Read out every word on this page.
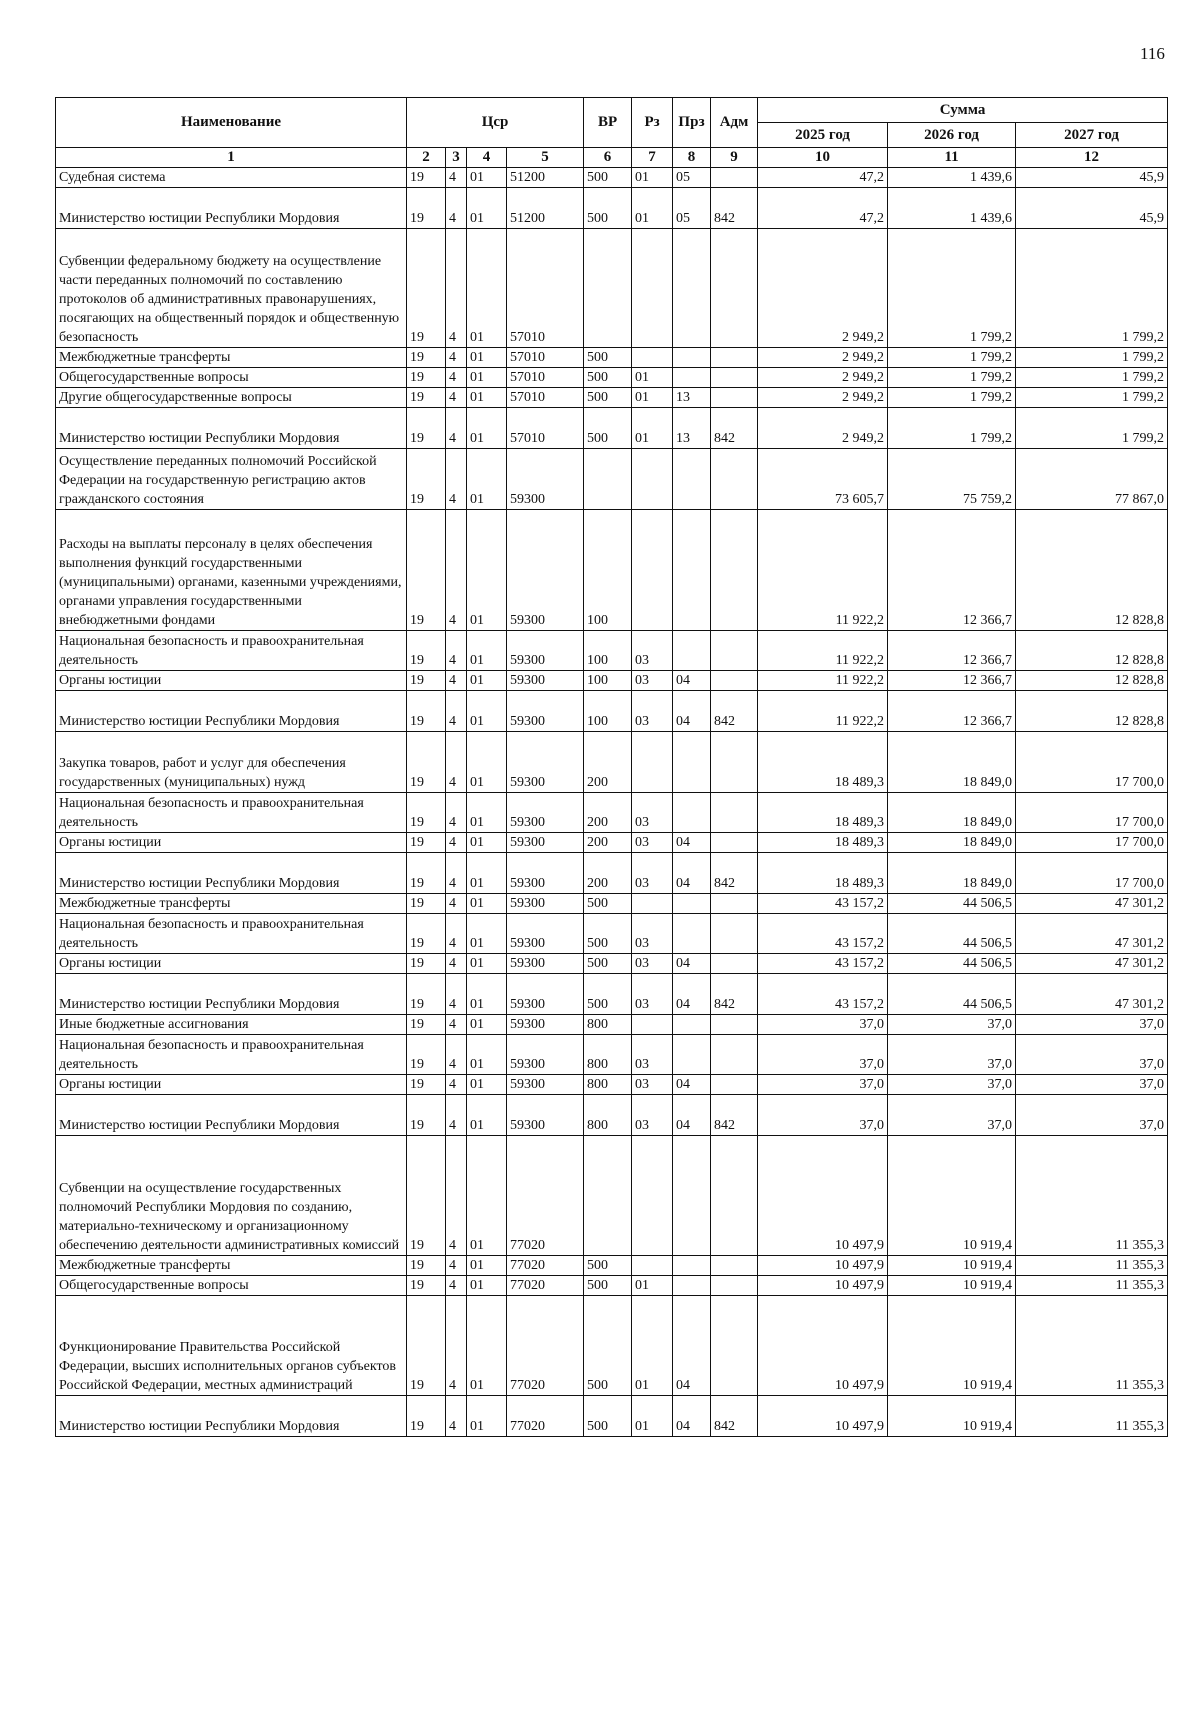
116
Наименование	Цср				ВР	Рз	Прз	Адм	Сумма		
									2025 год	2026 год	2027 год
1	2	3	4	5	6	7	8	9	10	11	12
Судебная система	19	4	01	51200	500	01	05		47,2	1 439,6	45,9
Министерство юстиции Республики Мордовия	19	4	01	51200	500	01	05	842	47,2	1 439,6	45,9
Субвенции федеральному бюджету на осуществление части переданных полномочий по составлению протоколов об административных правонарушениях, посягающих на общественный порядок и общественную безопасность	19	4	01	57010					2 949,2	1 799,2	1 799,2
Межбюджетные трансферты	19	4	01	57010	500				2 949,2	1 799,2	1 799,2
Общегосударственные вопросы	19	4	01	57010	500	01			2 949,2	1 799,2	1 799,2
Другие общегосударственные вопросы	19	4	01	57010	500	01	13		2 949,2	1 799,2	1 799,2
Министерство юстиции Республики Мордовия	19	4	01	57010	500	01	13	842	2 949,2	1 799,2	1 799,2
Осуществление переданных полномочий Российской Федерации на государственную регистрацию актов гражданского состояния	19	4	01	59300					73 605,7	75 759,2	77 867,0
Расходы на выплаты персоналу в целях обеспечения выполнения функций государственными (муниципальными) органами, казенными учреждениями, органами управления государственными внебюджетными фондами	19	4	01	59300	100				11 922,2	12 366,7	12 828,8
Национальная безопасность и правоохранительная деятельность	19	4	01	59300	100	03			11 922,2	12 366,7	12 828,8
Органы юстиции	19	4	01	59300	100	03	04		11 922,2	12 366,7	12 828,8
Министерство юстиции Республики Мордовия	19	4	01	59300	100	03	04	842	11 922,2	12 366,7	12 828,8
Закупка товаров, работ и услуг для обеспечения государственных (муниципальных) нужд	19	4	01	59300	200				18 489,3	18 849,0	17 700,0
Национальная безопасность и правоохранительная деятельность	19	4	01	59300	200	03			18 489,3	18 849,0	17 700,0
Органы юстиции	19	4	01	59300	200	03	04		18 489,3	18 849,0	17 700,0
Министерство юстиции Республики Мордовия	19	4	01	59300	200	03	04	842	18 489,3	18 849,0	17 700,0
Межбюджетные трансферты	19	4	01	59300	500				43 157,2	44 506,5	47 301,2
Национальная безопасность и правоохранительная деятельность	19	4	01	59300	500	03			43 157,2	44 506,5	47 301,2
Органы юстиции	19	4	01	59300	500	03	04		43 157,2	44 506,5	47 301,2
Министерство юстиции Республики Мордовия	19	4	01	59300	500	03	04	842	43 157,2	44 506,5	47 301,2
Иные бюджетные ассигнования	19	4	01	59300	800				37,0	37,0	37,0
Национальная безопасность и правоохранительная деятельность	19	4	01	59300	800	03			37,0	37,0	37,0
Органы юстиции	19	4	01	59300	800	03	04		37,0	37,0	37,0
Министерство юстиции Республики Мордовия	19	4	01	59300	800	03	04	842	37,0	37,0	37,0
Субвенции на осуществление государственных полномочий Республики Мордовия по созданию, материально-техническому и организационному обеспечению деятельности административных комиссий	19	4	01	77020					10 497,9	10 919,4	11 355,3
Межбюджетные трансферты	19	4	01	77020	500				10 497,9	10 919,4	11 355,3
Общегосударственные вопросы	19	4	01	77020	500	01			10 497,9	10 919,4	11 355,3
Функционирование Правительства Российской Федерации, высших исполнительных органов субъектов Российской Федерации, местных администраций	19	4	01	77020	500	01	04		10 497,9	10 919,4	11 355,3
Министерство юстиции Республики Мордовия	19	4	01	77020	500	01	04	842	10 497,9	10 919,4	11 355,3
